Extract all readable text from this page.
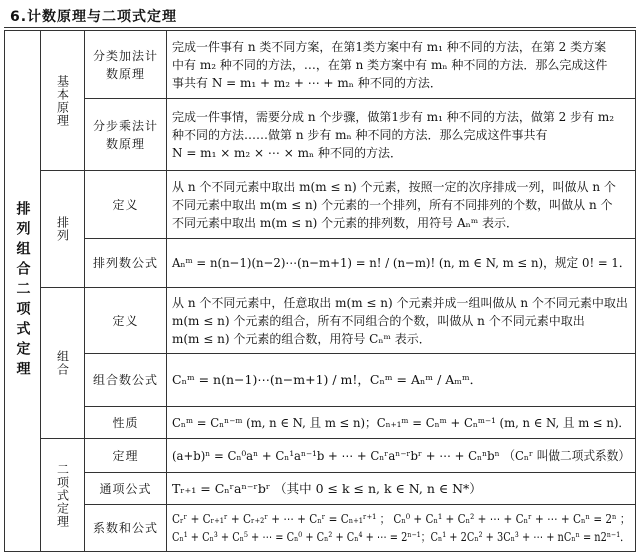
6.计数原理与二项式定理
排列组合二项式定理	基本原理	分类加法计数原理	完成一件事有 n 类不同方案，在第1类方案中有 m₁ 种不同的方法，在第 2 类方案
中有 m₂ 种不同的方法，…，在第 n 类方案中有 mₙ 种不同的方法．那么完成这件
事共有 N = m₁ + m₂ + ⋯ + mₙ 种不同的方法．

		分步乘法计数原理	完成一件事情，需要分成 n 个步骤，做第1步有 m₁ 种不同的方法，做第 2 步有 m₂
种不同的方法……做第 n 步有 mₙ 种不同的方法．那么完成这件事共有
N = m₁ × m₂ × ⋯ × mₙ 种不同的方法．

	排列	定义	从 n 个不同元素中取出 m(m ≤ n) 个元素，按照一定的次序排成一列，叫做从 n 个
不同元素中取出 m(m ≤ n) 个元素的一个排列，所有不同排列的个数，叫做从 n 个
不同元素中取出 m(m ≤ n) 个元素的排列数，用符号 Aₙᵐ 表示．

		排列数公式	Aₙᵐ = n(n−1)(n−2)⋯(n−m+1) = n! / (n−m)! (n, m ∈ N, m ≤ n)，规定 0! = 1．

	组合	定义	从 n 个不同元素中，任意取出 m(m ≤ n) 个元素并成一组叫做从 n 个不同元素中取出
m(m ≤ n) 个元素的组合，所有不同组合的个数，叫做从 n 个不同元素中取出
m(m ≤ n) 个元素的组合数，用符号 Cₙᵐ 表示．

		组合数公式	Cₙᵐ = n(n−1)⋯(n−m+1) / m!，Cₙᵐ = Aₙᵐ / Aₘᵐ．

		性质	Cₙᵐ = Cₙⁿ⁻ᵐ (m, n ∈ N, 且 m ≤ n)；Cₙ₊₁ᵐ = Cₙᵐ + Cₙᵐ⁻¹ (m, n ∈ N, 且 m ≤ n)．

	二项式定理	定理	(a+b)ⁿ = Cₙ⁰aⁿ + Cₙ¹aⁿ⁻¹b + ⋯ + Cₙʳaⁿ⁻ʳbʳ + ⋯ + Cₙⁿbⁿ （Cₙʳ 叫做二项式系数）

		通项公式	Tᵣ₊₁ = Cₙʳaⁿ⁻ʳbʳ （其中 0 ≤ k ≤ n, k ∈ N, n ∈ N*）

		系数和公式	Cᵣʳ + Cᵣ₊₁ʳ + Cᵣ₊₂ʳ + ⋯ + Cₙʳ = Cₙ₊₁ʳ⁺¹ ； Cₙ⁰ + Cₙ¹ + Cₙ² + ⋯ + Cₙʳ + ⋯ + Cₙⁿ = 2ⁿ ；
Cₙ¹ + Cₙ³ + Cₙ⁵ + ⋯ = Cₙ⁰ + Cₙ² + Cₙ⁴ + ⋯ = 2ⁿ⁻¹；Cₙ¹ + 2Cₙ² + 3Cₙ³ + ⋯ + nCₙⁿ = n2ⁿ⁻¹．
